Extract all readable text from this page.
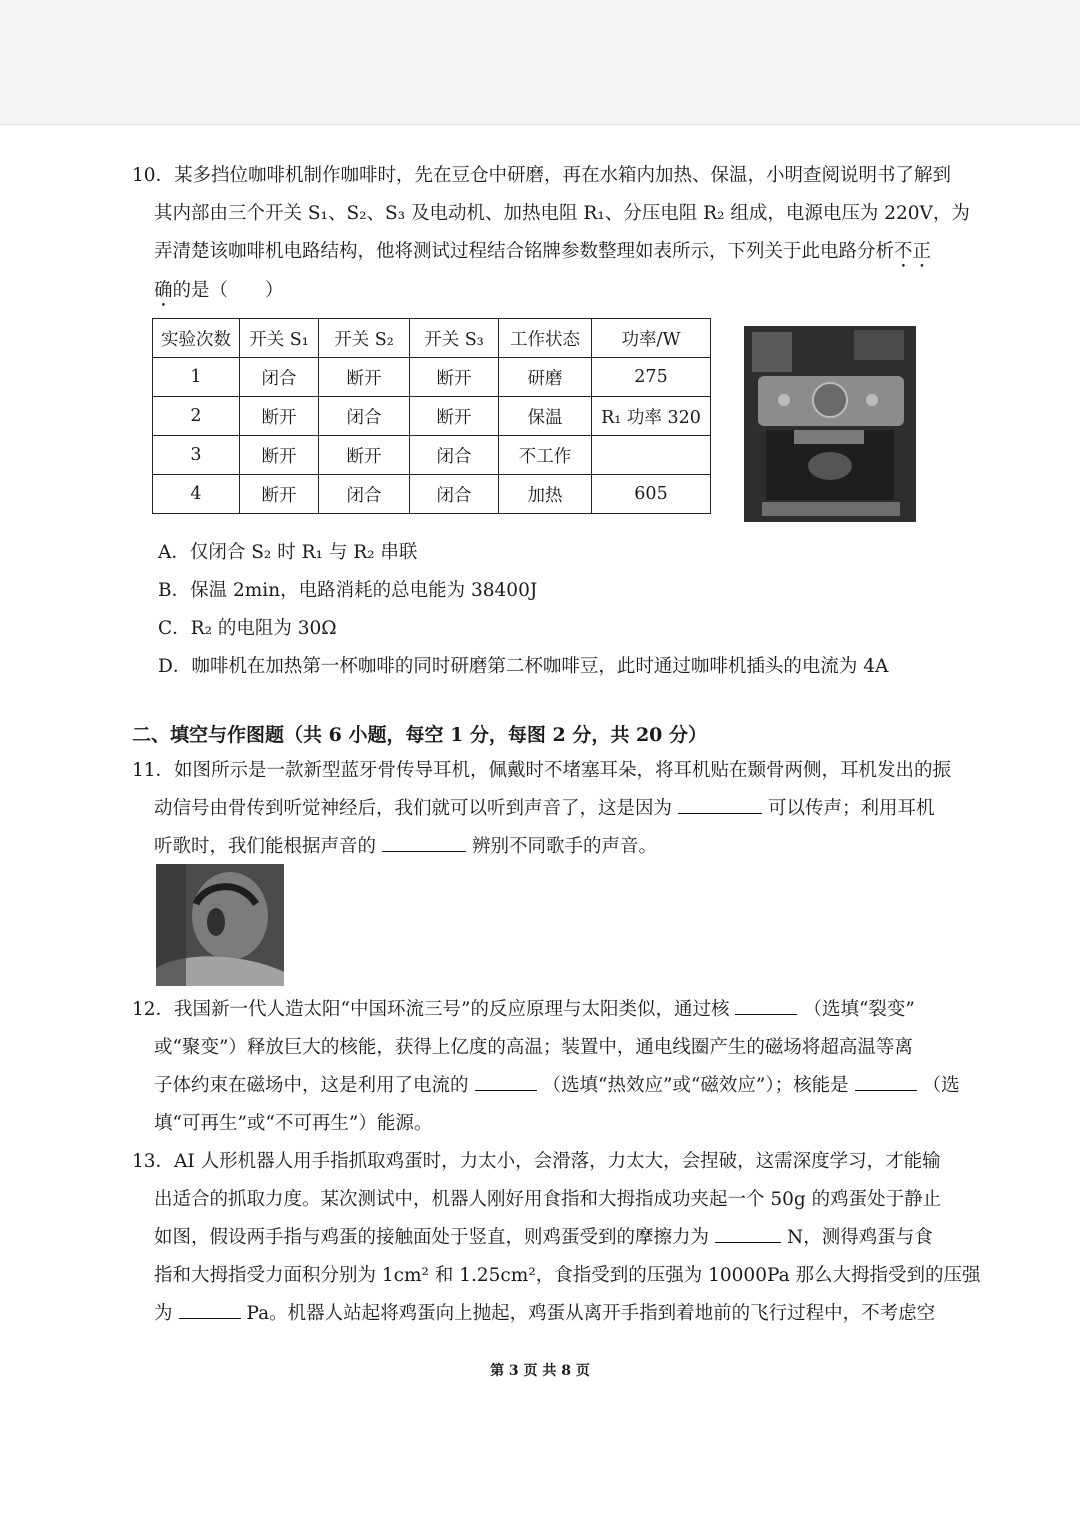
10．某多挡位咖啡机制作咖啡时，先在豆仓中研磨，再在水箱内加热、保温，小明查阅说明书了解到
其内部由三个开关 S₁、S₂、S₃ 及电动机、加热电阻 R₁、分压电阻 R₂ 组成，电源电压为 220V，为
弄清楚该咖啡机电路结构，他将测试过程结合铭牌参数整理如表所示，下列关于此电路分析不正
确的是（　　）
实验次数	开关 S₁	开关 S₂	开关 S₃	工作状态	功率/W
1	闭合	断开	断开	研磨	275
2	断开	闭合	断开	保温	R₁ 功率 320
3	断开	断开	闭合	不工作	
4	断开	闭合	闭合	加热	605
A．仅闭合 S₂ 时 R₁ 与 R₂ 串联
B．保温 2min，电路消耗的总电能为 38400J
C．R₂ 的电阻为 30Ω
D．咖啡机在加热第一杯咖啡的同时研磨第二杯咖啡豆，此时通过咖啡机插头的电流为 4A
二、填空与作图题（共 6 小题，每空 1 分，每图 2 分，共 20 分）
11．如图所示是一款新型蓝牙骨传导耳机，佩戴时不堵塞耳朵，将耳机贴在颞骨两侧，耳机发出的振
动信号由骨传到听觉神经后，我们就可以听到声音了，这是因为	可以传声；利用耳机
听歌时，我们能根据声音的	辨别不同歌手的声音。
12．我国新一代人造太阳“中国环流三号”的反应原理与太阳类似，通过核	（选填“裂变”
或“聚变”）释放巨大的核能，获得上亿度的高温；装置中，通电线圈产生的磁场将超高温等离
子体约束在磁场中，这是利用了电流的	（选填“热效应”或“磁效应”）；核能是	（选
填“可再生”或“不可再生”）能源。
13．AI 人形机器人用手指抓取鸡蛋时，力太小，会滑落，力太大，会捏破，这需深度学习，才能输
出适合的抓取力度。某次测试中，机器人刚好用食指和大拇指成功夹起一个 50g 的鸡蛋处于静止
如图，假设两手指与鸡蛋的接触面处于竖直，则鸡蛋受到的摩擦力为	N，测得鸡蛋与食
指和大拇指受力面积分别为 1cm² 和 1.25cm²，食指受到的压强为 10000Pa 那么大拇指受到的压强
为	Pa。机器人站起将鸡蛋向上抛起，鸡蛋从离开手指到着地前的飞行过程中，不考虑空
第 3 页 共 8 页
